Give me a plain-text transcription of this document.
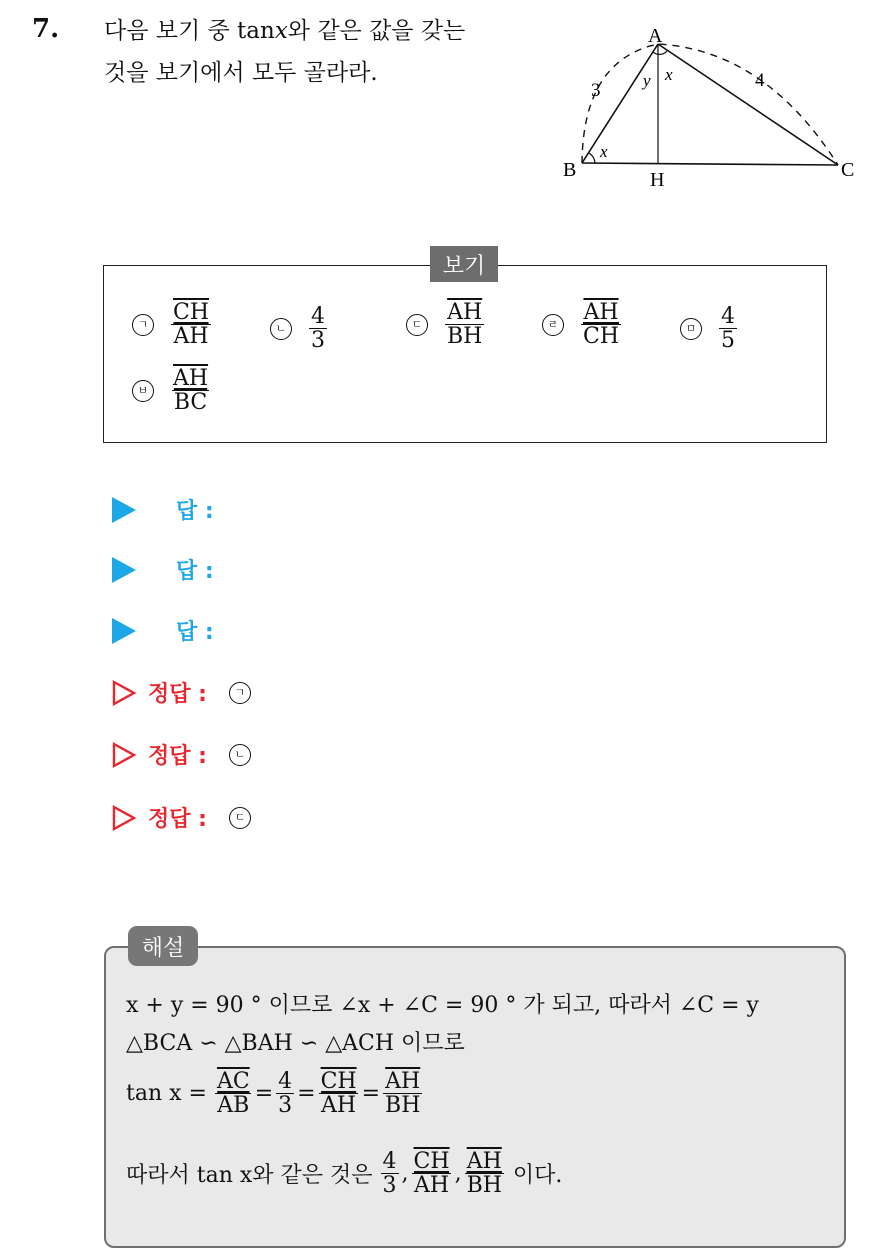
7. 다음 보기 중 tanx와 같은 값을 갖는
것을 보기에서 모두 골라라.
A
B	C
H
3	4
x
y x
보기
ㄱ $\frac{\overline{CH}}{AH}$	ㄴ $\frac{4}{3}$	ㄷ $\frac{\overline{AH}}{BH}$	ㄹ $\frac{\overline{AH}}{CH}$	ㅁ $\frac{4}{5}$
ㅂ $\frac{\overline{AH}}{BC}$
답 :
답 :
답 :
정답 :	ㄱ
정답 :	ㄴ
정답 :	ㄷ
해설
x + y = 90 ° 이므로 ∠x + ∠C = 90 ° 가 되고, 따라서 ∠C = y
△BCA ∽ △BAH ∽ △ACH 이므로
$\tan x = \frac{\overline{AC}}{AB} = \frac{4}{3} = \frac{\overline{CH}}{AH} = \frac{\overline{AH}}{BH}$
따라서 tan x와 같은 것은 $\frac{4}{3}$ , $\frac{\overline{CH}}{AH}$ , $\frac{\overline{AH}}{BH}$ 이다.
